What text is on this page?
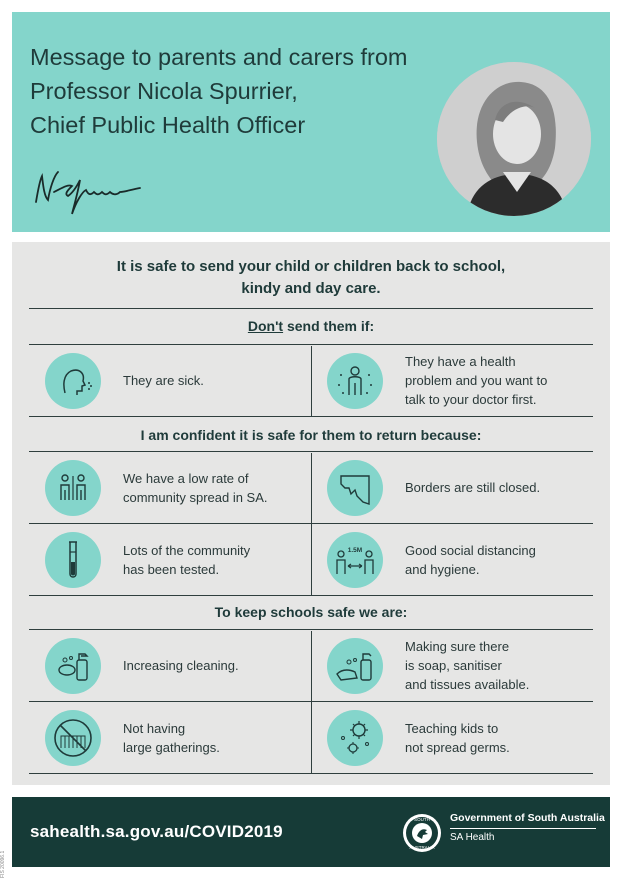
Message to parents and carers from
Professor Nicola Spurrier,
Chief Public Health Officer
It is safe to send your child or children back to school,
kindy and day care.
Don't send them if:
They are sick.
They have a health
problem and you want to
talk to your doctor first.
I am confident it is safe for them to return because:
We have a low rate of
community spread in SA.
Borders are still closed.
Lots of the community
has been tested.
1.5M	Good social distancing
and hygiene.
To keep schools safe we are:
Increasing cleaning.
Making sure there
is soap, sanitiser
and tissues available.
Not having
large gatherings.
Teaching kids to
not spread germs.
sahealth.sa.gov.au/COVID2019
SOUTH
AUSTRALIA
Government of South Australia
SA Health
FIS 20096.1
